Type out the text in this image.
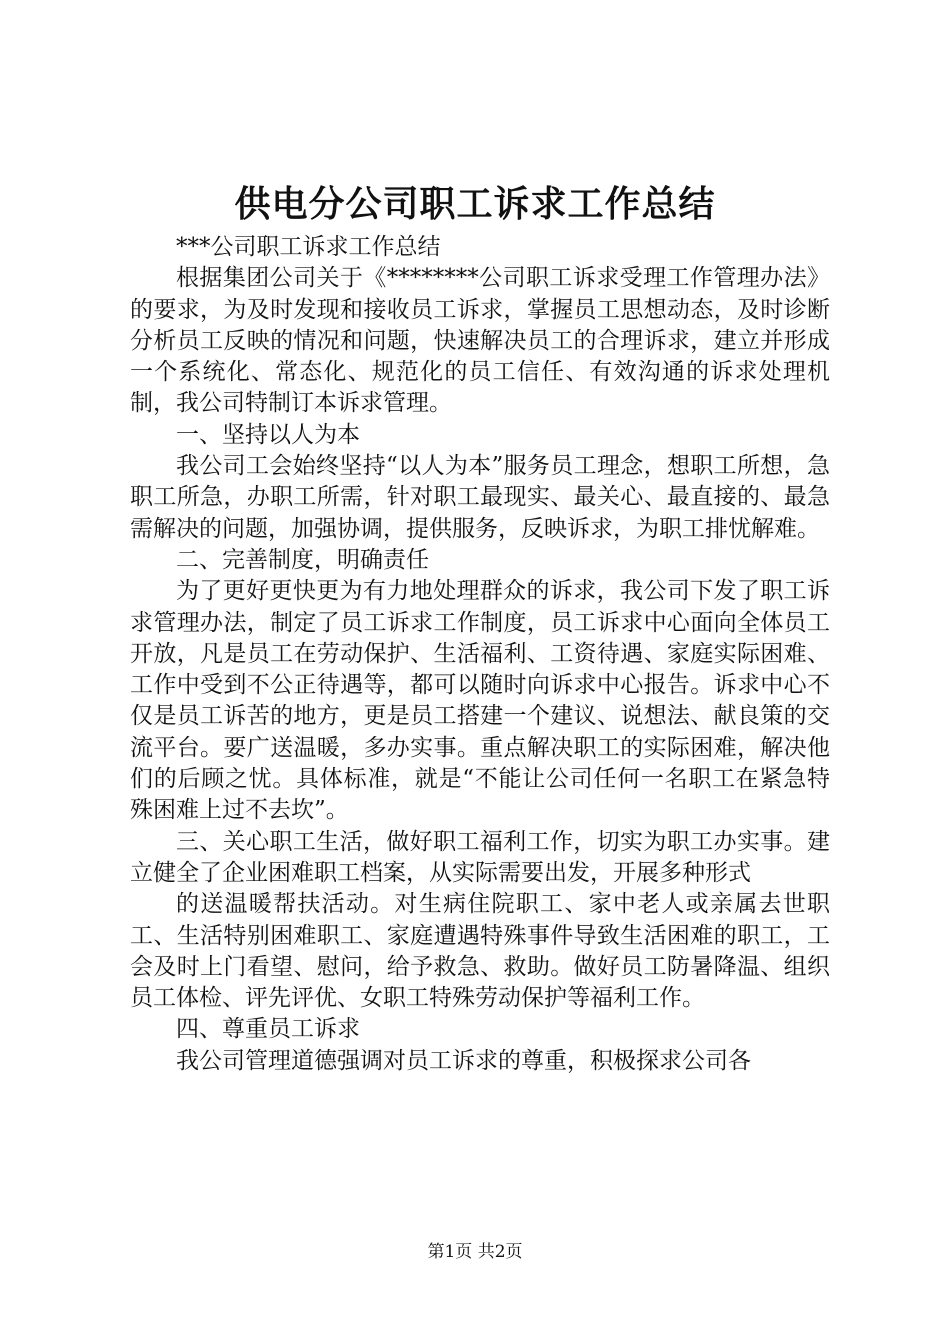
供电分公司职工诉求工作总结

***公司职工诉求工作总结

根据集团公司关于《********公司职工诉求受理工作管理办法》的要求，为及时发现和接收员工诉求，掌握员工思想动态，及时诊断分析员工反映的情况和问题，快速解决员工的合理诉求，建立并形成一个系统化、常态化、规范化的员工信任、有效沟通的诉求处理机制，我公司特制订本诉求管理。

一、坚持以人为本

我公司工会始终坚持“以人为本”服务员工理念，想职工所想，急职工所急，办职工所需，针对职工最现实、最关心、最直接的、最急需解决的问题，加强协调，提供服务，反映诉求，为职工排忧解难。

二、完善制度，明确责任

为了更好更快更为有力地处理群众的诉求，我公司下发了职工诉求管理办法，制定了员工诉求工作制度，员工诉求中心面向全体员工开放，凡是员工在劳动保护、生活福利、工资待遇、家庭实际困难、工作中受到不公正待遇等，都可以随时向诉求中心报告。诉求中心不仅是员工诉苦的地方，更是员工搭建一个建议、说想法、献良策的交流平台。要广送温暖，多办实事。重点解决职工的实际困难，解决他们的后顾之忧。具体标准，就是“不能让公司任何一名职工在紧急特殊困难上过不去坎”。

三、关心职工生活，做好职工福利工作，切实为职工办实事。建立健全了企业困难职工档案，从实际需要出发，开展多种形式

的送温暖帮扶活动。对生病住院职工、家中老人或亲属去世职工、生活特别困难职工、家庭遭遇特殊事件导致生活困难的职工，工会及时上门看望、慰问，给予救急、救助。做好员工防暑降温、组织员工体检、评先评优、女职工特殊劳动保护等福利工作。

四、尊重员工诉求

我公司管理道德强调对员工诉求的尊重，积极探求公司各

第1页 共2页
